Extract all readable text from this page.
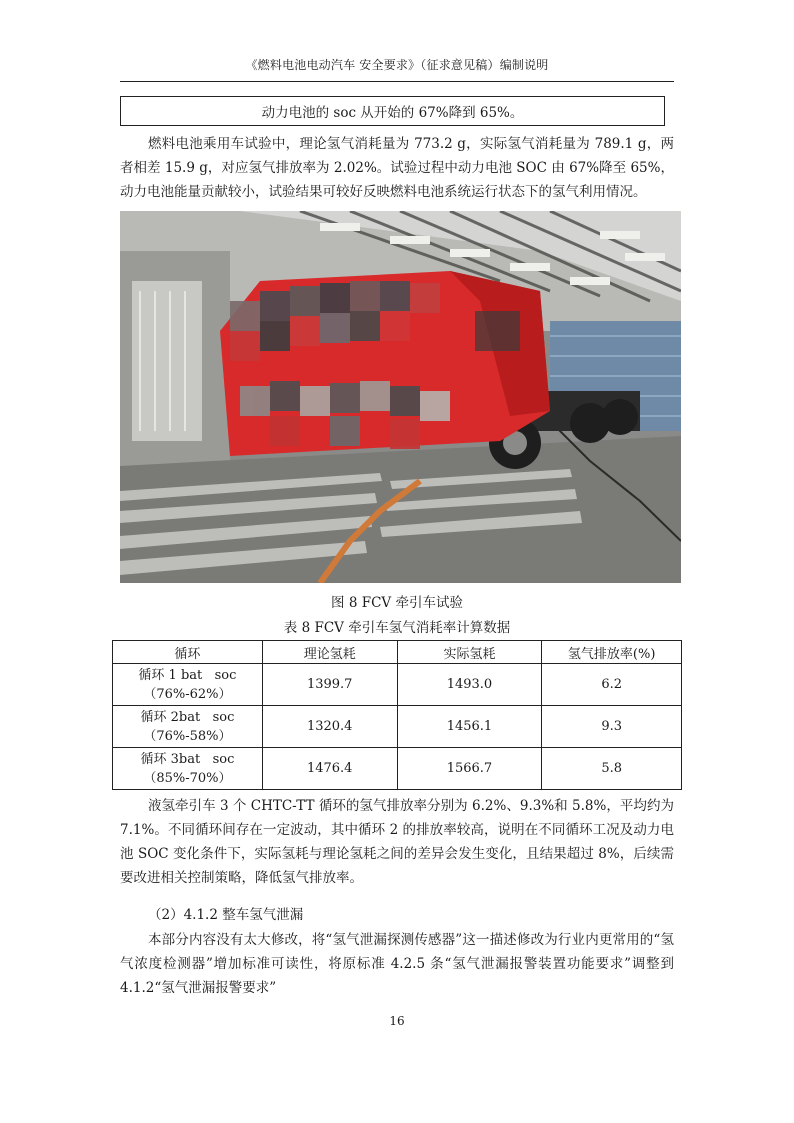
《燃料电池电动汽车 安全要求》（征求意见稿）编制说明
动力电池的 soc 从开始的 67%降到 65%。

燃料电池乘用车试验中，理论氢气消耗量为 773.2 g，实际氢气消耗量为 789.1 g，两者相差 15.9 g，对应氢气排放率为 2.02%。试验过程中动力电池 SOC 由 67%降至 65%，动力电池能量贡献较小，试验结果可较好反映燃料电池系统运行状态下的氢气利用情况。

图 8 FCV 牵引车试验
表 8 FCV 牵引车氢气消耗率计算数据
循环	理论氢耗	实际氢耗	氢气排放率(%)

循环 1 bat   soc
（76%-62%）	1399.7	1493.0	6.2

循环 2bat   soc
（76%-58%）	1320.4	1456.1	9.3

循环 3bat   soc
（85%-70%）	1476.4	1566.7	5.8

液氢牵引车 3 个 CHTC-TT 循环的氢气排放率分别为 6.2%、9.3%和 5.8%，平均约为 7.1%。不同循环间存在一定波动，其中循环 2 的排放率较高，说明在不同循环工况及动力电池 SOC 变化条件下，实际氢耗与理论氢耗之间的差异会发生变化，且结果超过 8%，后续需要改进相关控制策略，降低氢气排放率。

（2）4.1.2 整车氢气泄漏

本部分内容没有太大修改，将“氢气泄漏探测传感器”这一描述修改为行业内更常用的“氢气浓度检测器”增加标准可读性，将原标准 4.2.5 条“氢气泄漏报警装置功能要求”调整到 4.1.2“氢气泄漏报警要求”

16
